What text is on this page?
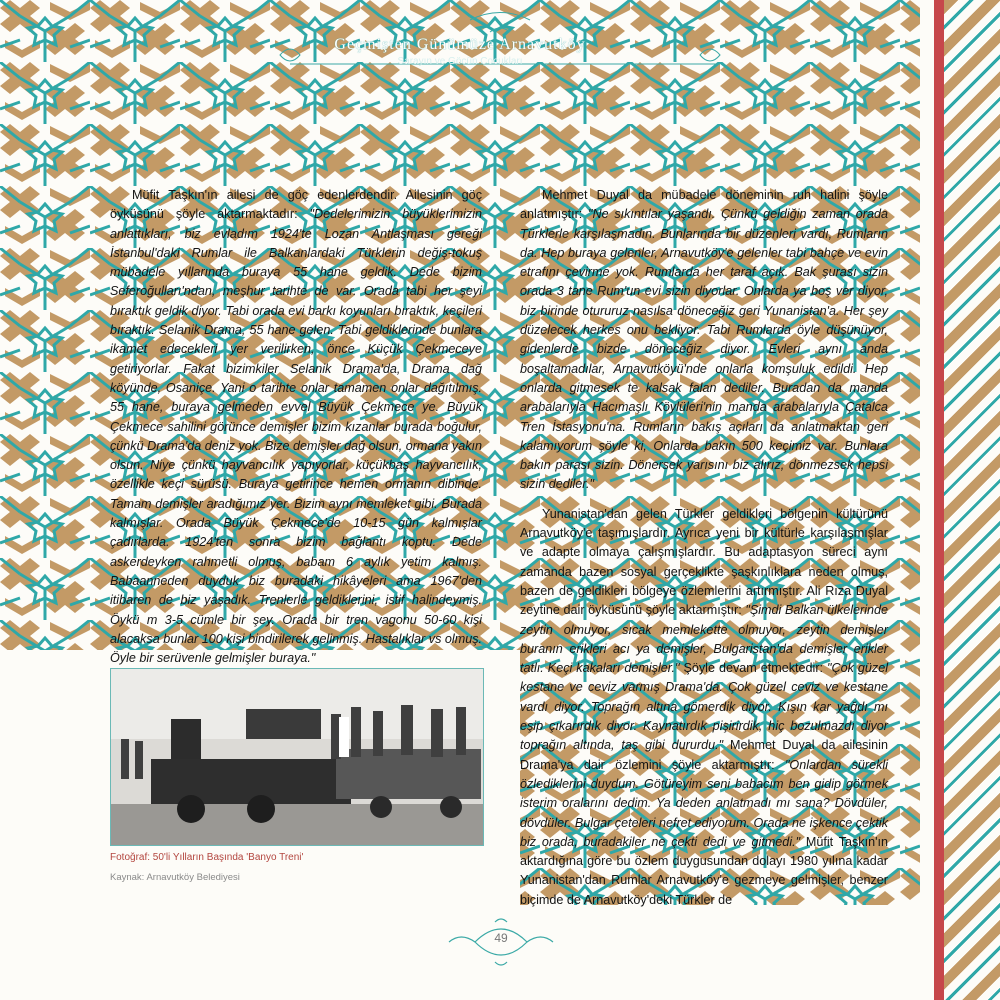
Geçmişten Günümüze Arnavutköy
Sarayın ve Göçün Çocukları

Müfit Taşkın'ın ailesi de göç edenlerdendir. Ailesinin göç öyküsünü şöyle aktarmaktadır: "Dedelerimizin büyüklerimizin anlattıkları, biz evladım 1924'te Lozan Antlaşması gereği İstanbul'daki Rumlar ile Balkanlardaki Türklerin değiş-tokuş mübadele yıllarında buraya 55 hane geldik. Dede bizim Seferoğulları'ndan, meşhur tarihte de var. Orada tabi her şeyi bıraktık geldik diyor. Tabi orada evi barkı koyunları bıraktık, keçileri bıraktık. Selanik Drama, 55 hane gelen. Tabi geldiklerinde bunlara ikamet edecekleri yer verilirken, önce Küçük Çekmeceye getiriyorlar. Fakat bizimkiler Selanik Drama'da, Drama dağ köyünde, Osaniçe. Yani o tarihte onlar tamamen onlar dağıtılmış. 55 hane, buraya gelmeden evvel Büyük Çekmece ye. Büyük Çekmece sahilini görünce demişler bizim kızanlar burada boğulur, çünkü Drama'da deniz yok. Bize demişler dağ olsun, ormana yakın olsun. Niye çünkü hayvancılık yapıyorlar, küçükbaş hayvancılık, özellikle keçi sürüsü. Buraya getirince hemen ormanın dibinde. Tamam demişler aradığımız yer. Bizim aynı memleket gibi. Burada kalmışlar. Orada Büyük Çekmece'de 10-15 gün kalmışlar çadırlarda. 1924'ten sonra bizim bağlantı koptu. Dede askerdeyken rahmetli olmuş, babam 6 aylık yetim kalmış. Babaanneden duyduk biz buradaki hikâyeleri ama 1967'den itibaren de biz yaşadık. Trenlerle geldiklerini, istif halindeymiş. Öykü m 3-5 cümle bir şey. Orada bir tren vagonu 50-60 kişi alacaksa bunlar 100 kişi bindirilerek gelinmiş. Hastalıklar vs olmuş. Öyle bir serüvenle gelmişler buraya."

Fotoğraf: 50'li Yılların Başında 'Banyo Treni'
Kaynak: Arnavutköy Belediyesi

Mehmet Duyal da mübadele döneminin ruh halini şöyle anlatmıştır: "Ne sıkıntılar yaşandı. Çünkü geldiğin zaman orada Türklerle karşılaşmadın. Bunlarında bir düzenleri vardı, Rumların da. Hep buraya gelenler, Arnavutköy'e gelenler tabi bahçe ve evin etrafını çevirme yok. Rumlarda her taraf açık. Bak şurası sizin orada 3 tane Rum'un evi sizin diyorlar. Onlarda ya boş ver diyor, biz birinde otururuz nasılsa döneceğiz geri Yunanistan'a. Her şey düzelecek herkes onu bekliyor. Tabi Rumlarda öyle düşünüyor, gidenlerde bizde döneceğiz diyor. Evleri aynı anda boşaltamadılar, Arnavutköyü'nde onlarla komşuluk edildi. Hep onlarda gitmesek te kalsak falan dediler. Buradan da manda arabalarıyla Hacımaşlı Köylüleri'nin manda arabalarıyla Çatalca Tren İstasyonu'na. Rumların bakış açıları da anlatmaktan geri kalamıyorum şöyle ki, Onlarda bakın 500 keçimiz var. Bunlara bakın parası sizin. Dönersek yarısını biz alırız, dönmezsek hepsi sizin dediler."

Yunanistan'dan gelen Türkler geldikleri bölgenin kültürünü Arnavutköy'e taşımışlardır. Ayrıca yeni bir kültürle karşılaşmışlar ve adapte olmaya çalışmışlardır. Bu adaptasyon süreci aynı zamanda bazen sosyal gerçeklikte şaşkınlıklara neden olmuş, bazen de geldikleri bölgeye özlemlerini artırmıştır. Ali Rıza Duyal zeytine dair öyküsünü şöyle aktarmıştır: "Şimdi Balkan ülkelerinde zeytin olmuyor, sıcak memlekette olmuyor, zeytin demişler buranın erikleri acı ya demişler, Bulgaristan'da demişler erikler tatlı. Keçi kakaları demişler." Şöyle devam etmektedir: "Çok güzel kestane ve ceviz varmış Drama'da. Çok güzel ceviz ve kestane vardı diyor. Toprağın altına gömerdik diyor. Kışın kar yağdı mı eşip çıkarırdık diyor. Kaynatırdık pişirirdik, hiç bozulmazdı diyor toprağın altında, taş gibi dururdu." Mehmet Duyal da ailesinin Drama'ya dair özlemini şöyle aktarmıştır: "Onlardan sürekli özlediklerini duydum. Götüreyim seni babacım ben gidip görmek isterim oralarını dedim. Ya deden anlatmadı mı sana? Dövdüler, dövdüler. Bulgar çeteleri nefret ediyorum. Orada ne işkence çektik biz orada, buradakiler ne çekti dedi ve gitmedi." Müfit Taşkın'ın aktardığına göre bu özlem duygusundan dolayı 1980 yılına kadar Yunanistan'dan Rumlar Arnavutköy'e gezmeye gelmişler, benzer biçimde de Arnavutköy'deki Türkler de

49
